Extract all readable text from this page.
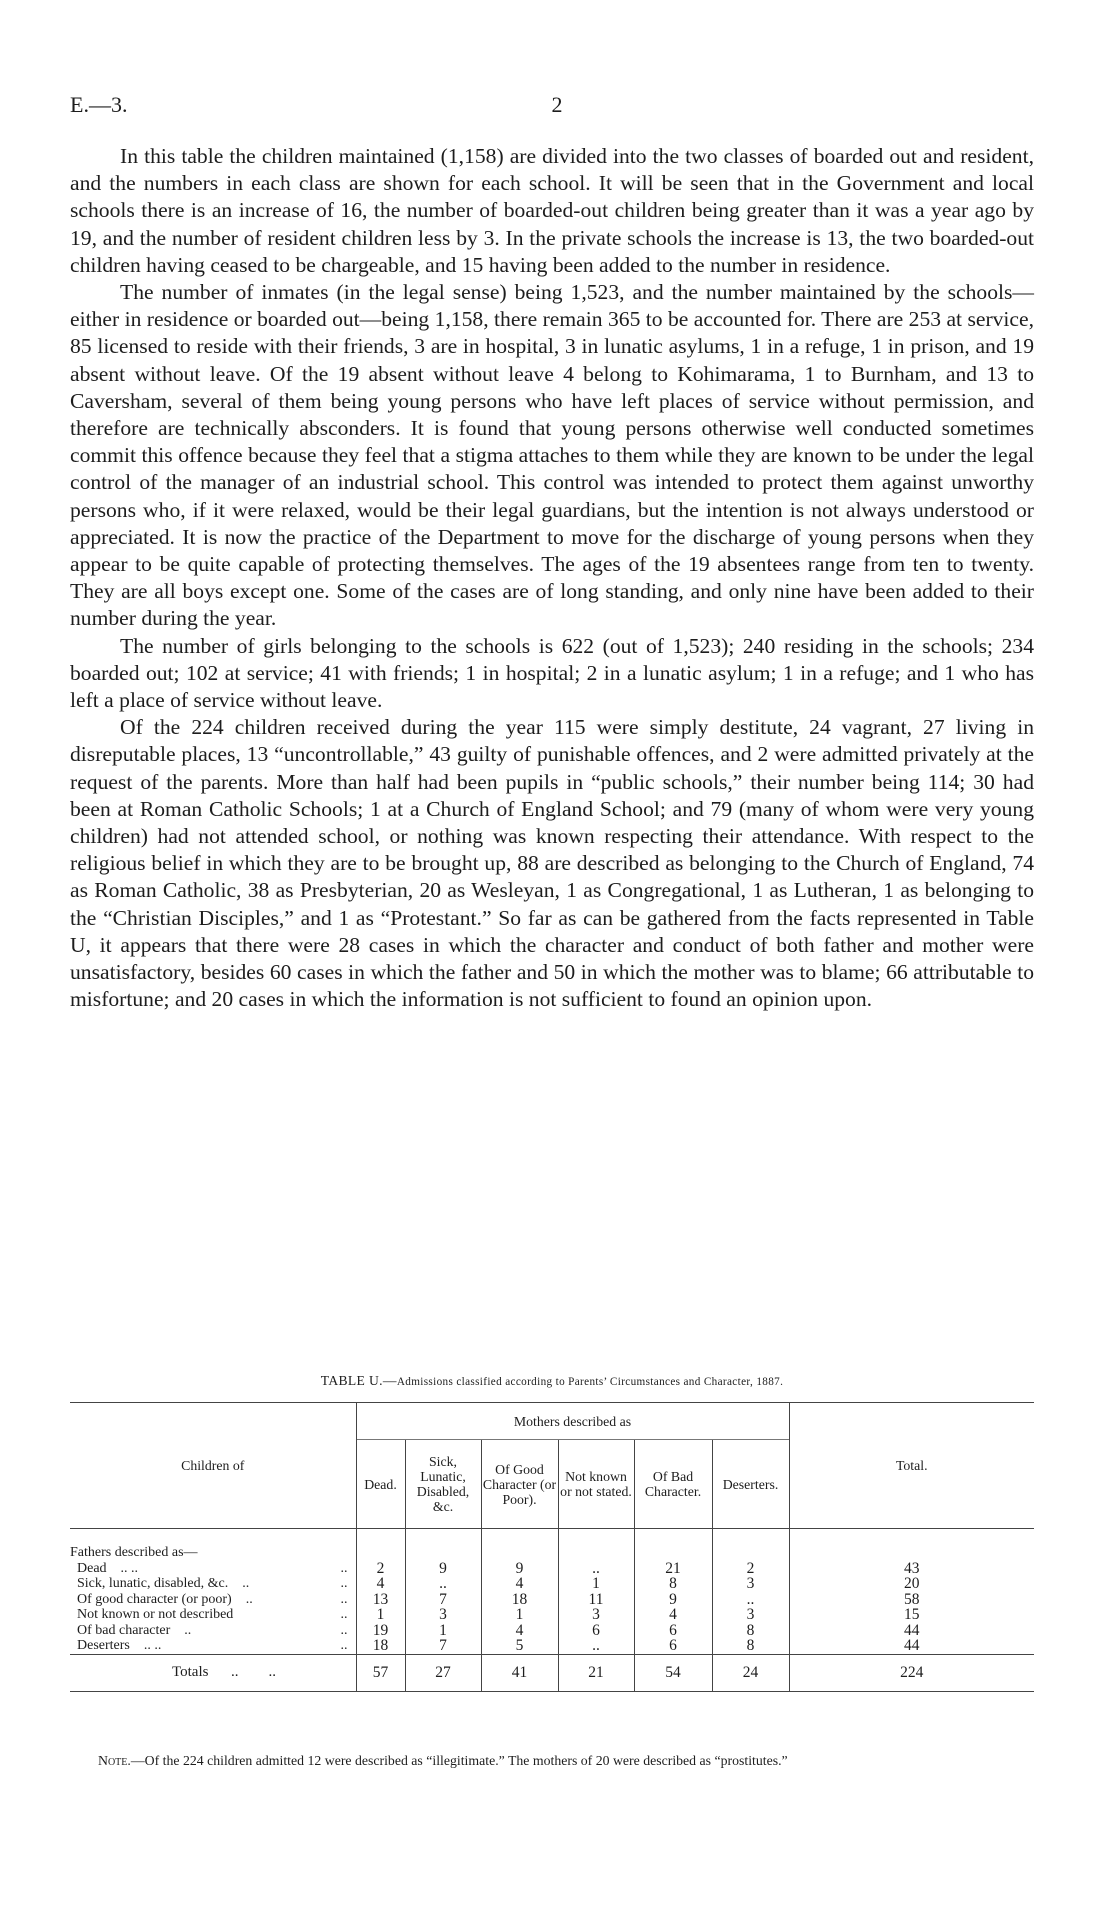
E.—3.	2

In this table the children maintained (1,158) are divided into the two classes of boarded out and resident, and the numbers in each class are shown for each school. It will be seen that in the Government and local schools there is an increase of 16, the number of boarded-out children being greater than it was a year ago by 19, and the number of resident children less by 3. In the private schools the increase is 13, the two boarded-out children having ceased to be chargeable, and 15 having been added to the number in residence.

The number of inmates (in the legal sense) being 1,523, and the number maintained by the schools—either in residence or boarded out—being 1,158, there remain 365 to be accounted for. There are 253 at service, 85 licensed to reside with their friends, 3 are in hospital, 3 in lunatic asylums, 1 in a refuge, 1 in prison, and 19 absent without leave. Of the 19 absent without leave 4 belong to Kohimarama, 1 to Burnham, and 13 to Caversham, several of them being young persons who have left places of service without permission, and therefore are technically absconders. It is found that young persons otherwise well conducted sometimes commit this offence because they feel that a stigma attaches to them while they are known to be under the legal control of the manager of an industrial school. This control was intended to protect them against unworthy persons who, if it were relaxed, would be their legal guardians, but the intention is not always understood or appreciated. It is now the practice of the Department to move for the discharge of young persons when they appear to be quite capable of protecting themselves. The ages of the 19 absentees range from ten to twenty. They are all boys except one. Some of the cases are of long standing, and only nine have been added to their number during the year.

The number of girls belonging to the schools is 622 (out of 1,523); 240 residing in the schools; 234 boarded out; 102 at service; 41 with friends; 1 in hospital; 2 in a lunatic asylum; 1 in a refuge; and 1 who has left a place of service without leave.

Of the 224 children received during the year 115 were simply destitute, 24 vagrant, 27 living in disreputable places, 13 “uncontrollable,” 43 guilty of punishable offences, and 2 were admitted privately at the request of the parents. More than half had been pupils in “public schools,” their number being 114; 30 had been at Roman Catholic Schools; 1 at a Church of England School; and 79 (many of whom were very young children) had not attended school, or nothing was known respecting their attendance. With respect to the religious belief in which they are to be brought up, 88 are described as belonging to the Church of England, 74 as Roman Catholic, 38 as Presbyterian, 20 as Wesleyan, 1 as Congregational, 1 as Lutheran, 1 as belonging to the “Christian Disciples,” and 1 as “Protestant.” So far as can be gathered from the facts represented in Table U, it appears that there were 28 cases in which the character and conduct of both father and mother were unsatisfactory, besides 60 cases in which the father and 50 in which the mother was to blame; 66 attributable to misfortune; and 20 cases in which the information is not sufficient to found an opinion upon.

TABLE U.—Admissions classified according to Parents’ Circumstances and Character, 1887.
Children of	Mothers described as						Total.
	Dead.	Sick, Lunatic, Disabled, &c.	Of Good Character (or Poor).	Not known or not stated.	Of Bad Character.	Deserters.	

Fathers described as—							
Dead .. .. ..	2	9	9	..	21	2	43
Sick, lunatic, disabled, &c. .. ..	4	..	4	1	8	3	20
Of good character (or poor) .. ..	13	7	18	11	9	..	58
Not known or not described ..	1	3	1	3	4	3	15
Of bad character .. ..	19	1	4	6	6	8	44
Deserters .. .. ..	18	7	5	..	6	8	44
Totals .. ..	57	27	41	21	54	24	224
Note.—Of the 224 children admitted 12 were described as “illegitimate.” The mothers of 20 were described as “prostitutes.”
